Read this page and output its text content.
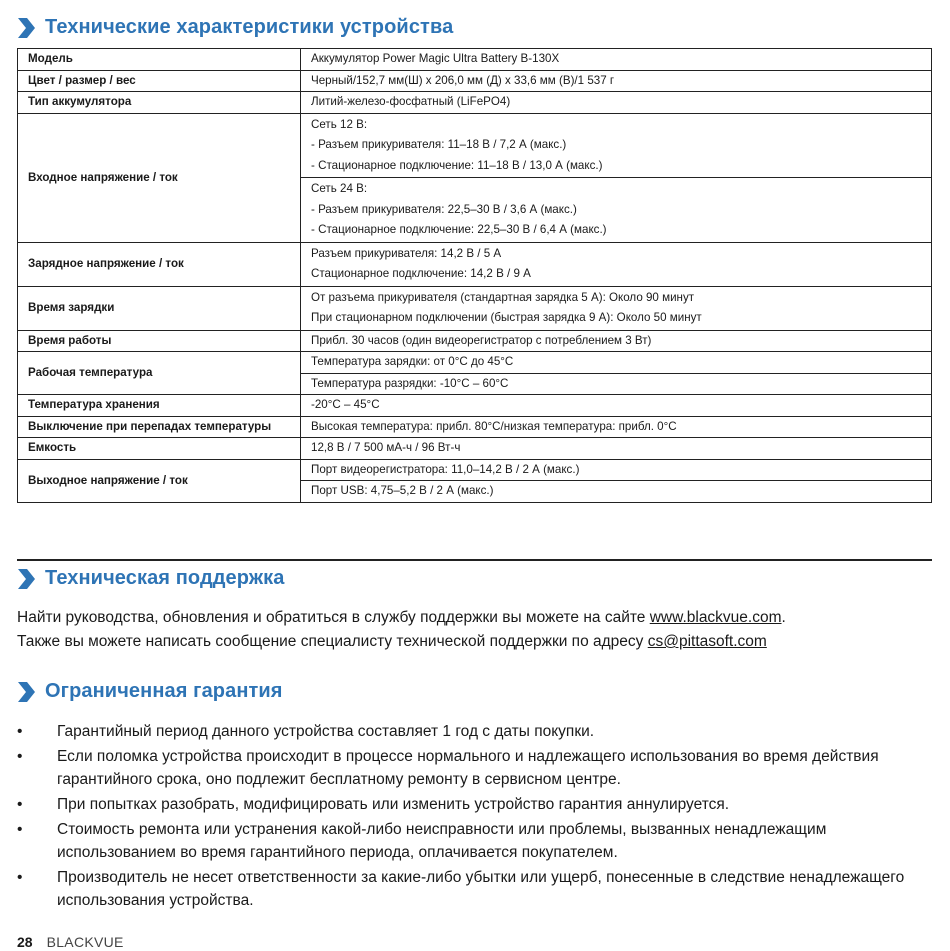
Технические характеристики устройства
Модель	Аккумулятор Power Magic Ultra Battery B-130X

Цвет / размер / вес	Черный/152,7 мм(Ш) x 206,0 мм (Д) x 33,6 мм (В)/1 537 г

Тип аккумулятора	Литий-железо-фосфатный (LiFePO4)

Входное напряжение / ток	Сеть 12 В:
- Разъем прикуривателя: 11–18 В / 7,2 А (макс.)
- Стационарное подключение: 11–18 В / 13,0 А (макс.)

	Сеть 24 В:
- Разъем прикуривателя: 22,5–30 В / 3,6 А (макс.)
- Стационарное подключение: 22,5–30 В / 6,4 А (макс.)

Зарядное напряжение / ток	Разъем прикуривателя: 14,2 В / 5 А
Стационарное подключение: 14,2 В / 9 А

Время зарядки	От разъема прикуривателя (стандартная зарядка 5 А): Около 90 минут
При стационарном подключении (быстрая зарядка 9 А): Около 50 минут

Время работы	Прибл. 30 часов (один видеорегистратор с потреблением 3 Вт)

Рабочая температура	Температура зарядки: от 0°C до 45°C

	Температура разрядки: -10°C – 60°C

Температура хранения	-20°C – 45°C

Выключение при перепадах температуры	Высокая температура: прибл. 80°C/низкая температура: прибл. 0°C

Емкость	12,8 В / 7 500 мА-ч / 96 Вт-ч

Выходное напряжение / ток	Порт видеорегистратора: 11,0–14,2 В / 2 А (макс.)

	Порт USB: 4,75–5,2 В / 2 А (макс.)
Техническая поддержка
Найти руководства, обновления и обратиться в службу поддержки вы можете на сайте www.blackvue.com.
Также вы можете написать сообщение специалисту технической поддержки по адресу cs@pittasoft.com
Ограниченная гарантия
• Гарантийный период данного устройства составляет 1 год с даты покупки.
• Если поломка устройства происходит в процессе нормального и надлежащего использования во время действия гарантийного срока, оно подлежит бесплатному ремонту в сервисном центре.
• При попытках разобрать, модифицировать или изменить устройство гарантия аннулируется.
• Стоимость ремонта или устранения какой-либо неисправности или проблемы, вызванных ненадлежащим использованием во время гарантийного периода, оплачивается покупателем.
• Производитель не несет ответственности за какие-либо убытки или ущерб, понесенные в следствие ненадлежащего использования устройства.
28 BLACKVUE
